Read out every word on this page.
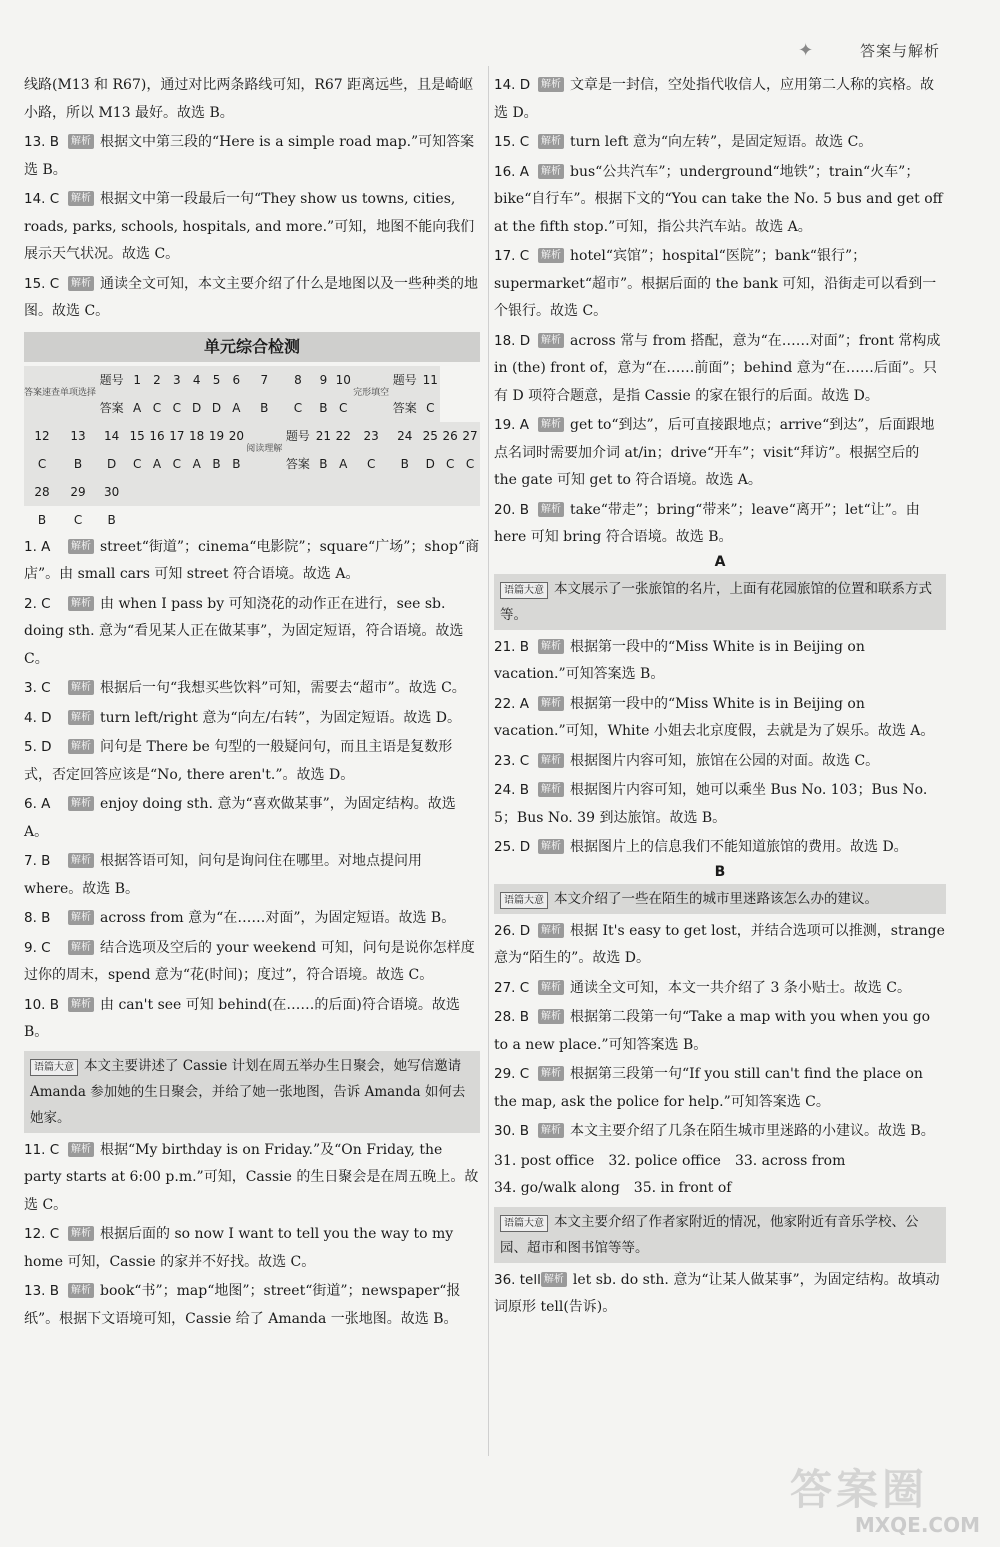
✦	答案与解析
线路(M13 和 R67)，通过对比两条路线可知，R67 距离远些，且是崎岖小路，所以 M13 最好。故选 B。
13. B 解析 根据文中第三段的“Here is a simple road map.”可知答案选 B。
14. C 解析 根据文中第一段最后一句“They show us towns, cities, roads, parks, schools, hospitals, and more.”可知，地图不能向我们展示天气状况。故选 C。
15. C 解析 通读全文可知，本文主要介绍了什么是地图以及一些种类的地图。故选 C。
单元综合检测
答案速查	单项选择	题号	1	2	3	4	5	6	7	8	9	10	完形填空	题号	11		
		答案	A	C	C	D	D	A	B	C	B	C		答案	C		
12	13	14	15	16	17	18	19	20	阅读理解	题号	21	22	23	24	25	26	27
C	B	D	C	A	C	A	B	B		答案	B	A	C	B	D	C	C
28	29	30															
B	C	B															
1. A 解析 street“街道”；cinema“电影院”；square“广场”；shop“商店”。由 small cars 可知 street 符合语境。故选 A。
2. C 解析 由 when I pass by 可知浇花的动作正在进行，see sb. doing sth. 意为“看见某人正在做某事”，为固定短语，符合语境。故选 C。
3. C 解析 根据后一句“我想买些饮料”可知，需要去“超市”。故选 C。
4. D 解析 turn left/right 意为“向左/右转”，为固定短语。故选 D。
5. D 解析 问句是 There be 句型的一般疑问句，而且主语是复数形式，否定回答应该是“No, there aren't.”。故选 D。
6. A 解析 enjoy doing sth. 意为“喜欢做某事”，为固定结构。故选 A。
7. B 解析 根据答语可知，问句是询问住在哪里。对地点提问用 where。故选 B。
8. B 解析 across from 意为“在……对面”，为固定短语。故选 B。
9. C 解析 结合选项及空后的 your weekend 可知，问句是说你怎样度过你的周末，spend 意为“花(时间)；度过”，符合语境。故选 C。
10. B 解析 由 can't see 可知 behind(在……的后面)符合语境。故选 B。
语篇大意 本文主要讲述了 Cassie 计划在周五举办生日聚会，她写信邀请 Amanda 参加她的生日聚会，并给了她一张地图，告诉 Amanda 如何去她家。
11. C 解析 根据“My birthday is on Friday.”及“On Friday, the party starts at 6:00 p.m.”可知，Cassie 的生日聚会是在周五晚上。故选 C。
12. C 解析 根据后面的 so now I want to tell you the way to my home 可知，Cassie 的家并不好找。故选 C。
13. B 解析 book“书”；map“地图”；street“街道”；newspaper“报纸”。根据下文语境可知，Cassie 给了 Amanda 一张地图。故选 B。
14. D 解析 文章是一封信，空处指代收信人，应用第二人称的宾格。故选 D。
15. C 解析 turn left 意为“向左转”，是固定短语。故选 C。
16. A 解析 bus“公共汽车”；underground“地铁”；train“火车”；bike“自行车”。根据下文的“You can take the No. 5 bus and get off at the fifth stop.”可知，指公共汽车站。故选 A。
17. C 解析 hotel“宾馆”；hospital“医院”；bank“银行”；supermarket“超市”。根据后面的 the bank 可知，沿街走可以看到一个银行。故选 C。
18. D 解析 across 常与 from 搭配，意为“在……对面”；front 常构成 in (the) front of，意为“在……前面”；behind 意为“在……后面”。只有 D 项符合题意，是指 Cassie 的家在银行的后面。故选 D。
19. A 解析 get to“到达”，后可直接跟地点；arrive“到达”，后面跟地点名词时需要加介词 at/in；drive“开车”；visit“拜访”。根据空后的 the gate 可知 get to 符合语境。故选 A。
20. B 解析 take“带走”；bring“带来”；leave“离开”；let“让”。由 here 可知 bring 符合语境。故选 B。
A
语篇大意 本文展示了一张旅馆的名片，上面有花园旅馆的位置和联系方式等。
21. B 解析 根据第一段中的“Miss White is in Beijing on vacation.”可知答案选 B。
22. A 解析 根据第一段中的“Miss White is in Beijing on vacation.”可知，White 小姐去北京度假，去就是为了娱乐。故选 A。
23. C 解析 根据图片内容可知，旅馆在公园的对面。故选 C。
24. B 解析 根据图片内容可知，她可以乘坐 Bus No. 103；Bus No. 5；Bus No. 39 到达旅馆。故选 B。
25. D 解析 根据图片上的信息我们不能知道旅馆的费用。故选 D。
B
语篇大意 本文介绍了一些在陌生的城市里迷路该怎么办的建议。
26. D 解析 根据 It's easy to get lost，并结合选项可以推测，strange 意为“陌生的”。故选 D。
27. C 解析 通读全文可知，本文一共介绍了 3 条小贴士。故选 C。
28. B 解析 根据第二段第一句“Take a map with you when you go to a new place.”可知答案选 B。
29. C 解析 根据第三段第一句“If you still can't find the place on the map, ask the police for help.”可知答案选 C。
30. B 解析 本文主要介绍了几条在陌生城市里迷路的小建议。故选 B。
31. post office　32. police office　33. across from
34. go/walk along　35. in front of
语篇大意 本文主要介绍了作者家附近的情况，他家附近有音乐学校、公园、超市和图书馆等等。
36. tell 解析 let sb. do sth. 意为“让某人做某事”，为固定结构。故填动词原形 tell(告诉)。
答案圈
MXQE.COM
